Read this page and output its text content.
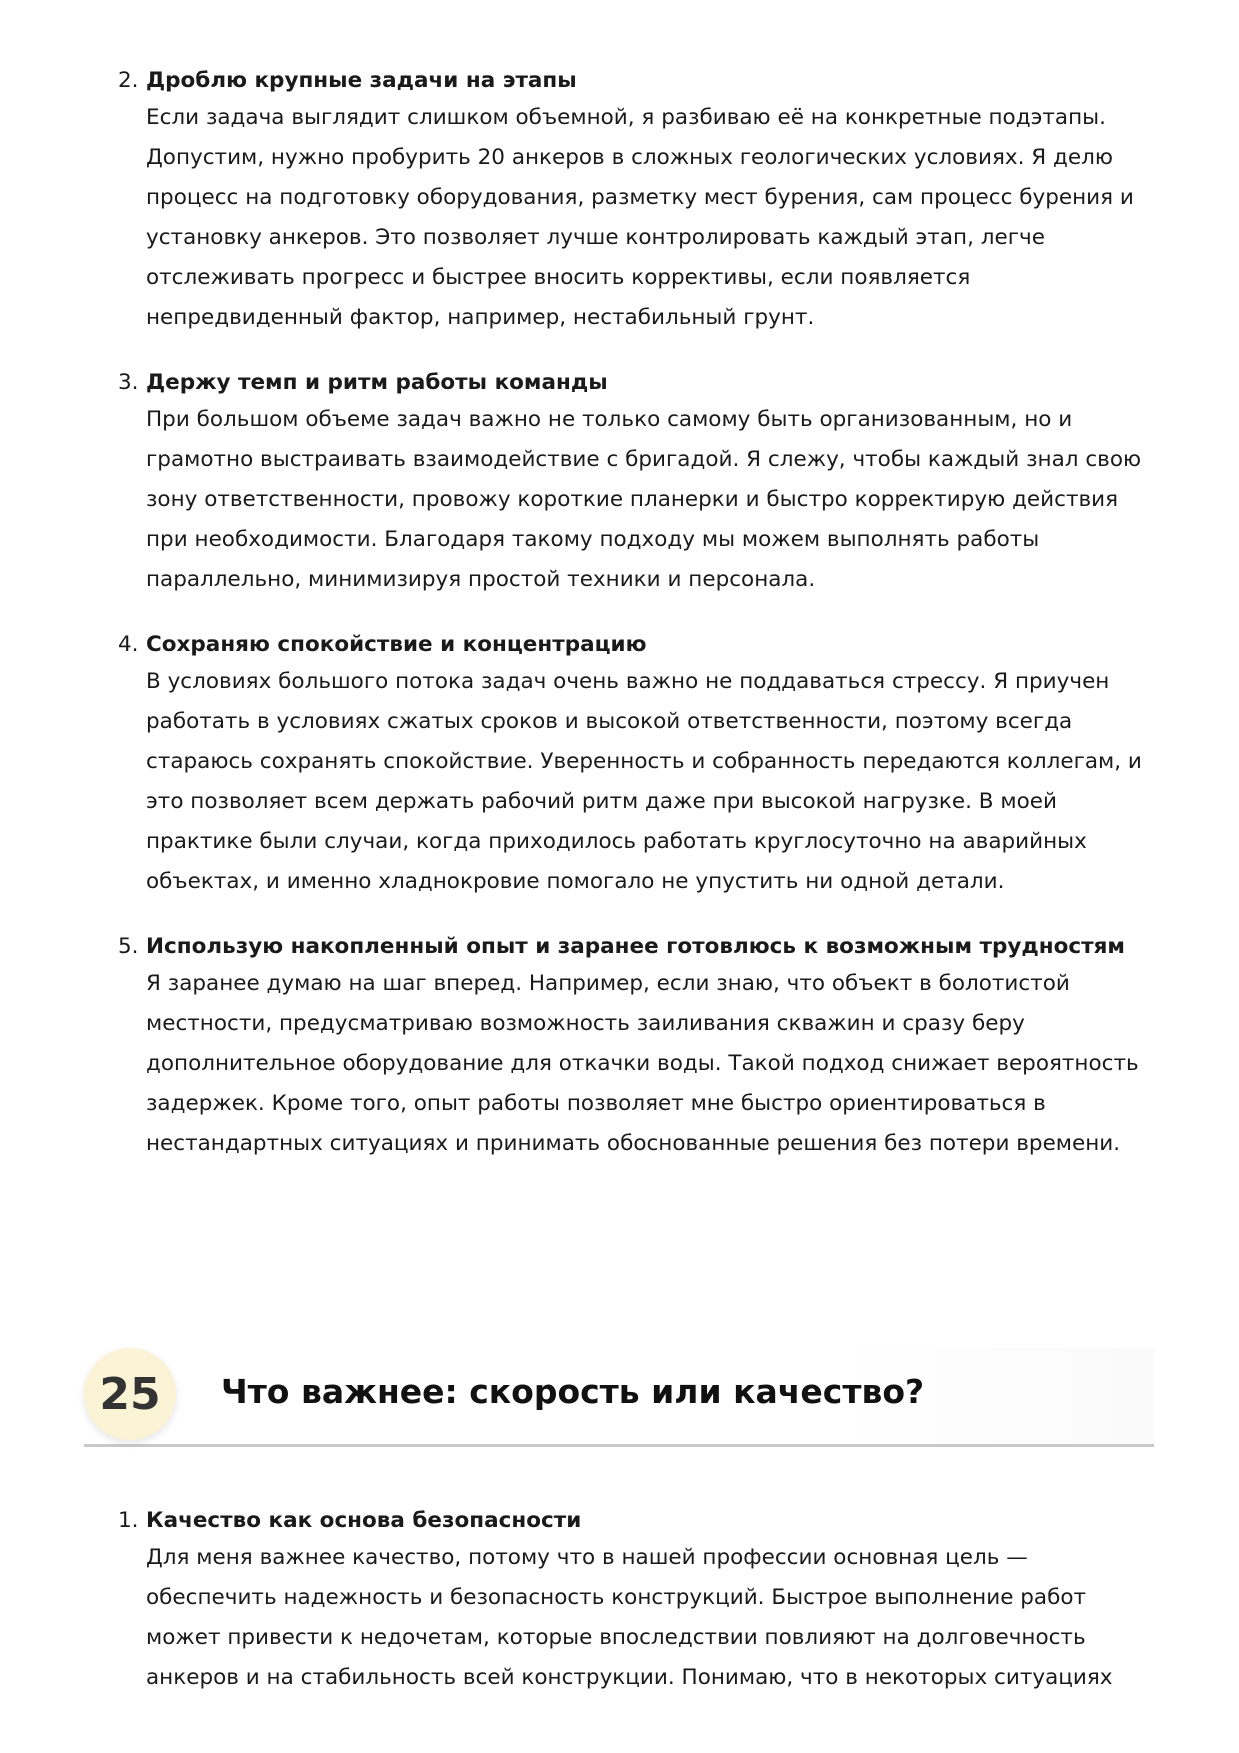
2. Дроблю крупные задачи на этапы
Если задача выглядит слишком объемной, я разбиваю её на конкретные подэтапы.
Допустим, нужно пробурить 20 анкеров в сложных геологических условиях. Я делю
процесс на подготовку оборудования, разметку мест бурения, сам процесс бурения и
установку анкеров. Это позволяет лучше контролировать каждый этап, легче
отслеживать прогресс и быстрее вносить коррективы, если появляется
непредвиденный фактор, например, нестабильный грунт.
3. Держу темп и ритм работы команды
При большом объеме задач важно не только самому быть организованным, но и
грамотно выстраивать взаимодействие с бригадой. Я слежу, чтобы каждый знал свою
зону ответственности, провожу короткие планерки и быстро корректирую действия
при необходимости. Благодаря такому подходу мы можем выполнять работы
параллельно, минимизируя простой техники и персонала.
4. Сохраняю спокойствие и концентрацию
В условиях большого потока задач очень важно не поддаваться стрессу. Я приучен
работать в условиях сжатых сроков и высокой ответственности, поэтому всегда
стараюсь сохранять спокойствие. Уверенность и собранность передаются коллегам, и
это позволяет всем держать рабочий ритм даже при высокой нагрузке. В моей
практике были случаи, когда приходилось работать круглосуточно на аварийных
объектах, и именно хладнокровие помогало не упустить ни одной детали.
5. Использую накопленный опыт и заранее готовлюсь к возможным трудностям
Я заранее думаю на шаг вперед. Например, если знаю, что объект в болотистой
местности, предусматриваю возможность заиливания скважин и сразу беру
дополнительное оборудование для откачки воды. Такой подход снижает вероятность
задержек. Кроме того, опыт работы позволяет мне быстро ориентироваться в
нестандартных ситуациях и принимать обоснованные решения без потери времени.
25 Что важнее: скорость или качество?
1. Качество как основа безопасности
Для меня важнее качество, потому что в нашей профессии основная цель —
обеспечить надежность и безопасность конструкций. Быстрое выполнение работ
может привести к недочетам, которые впоследствии повлияют на долговечность
анкеров и на стабильность всей конструкции. Понимаю, что в некоторых ситуациях
